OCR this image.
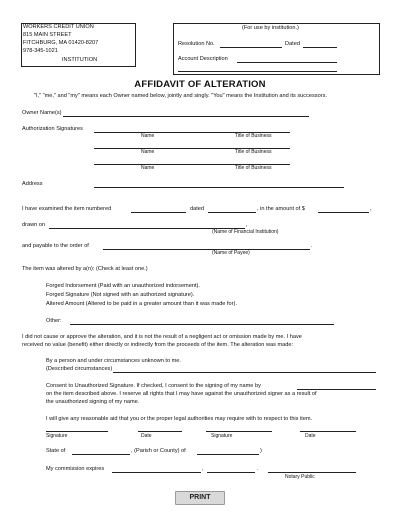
WORKERS CREDIT UNION
815 MAIN STREET
FITCHBURG, MA 01420-8207
978-345-1021
INSTITUTION
(For use by institution.)
Resolution No.	Dated
Account Description
AFFIDAVIT OF ALTERATION
"I," "me," and "my" means each Owner named below, jointly and singly. "You" means the Institution and its successors.
Owner Name(s)
Authorization Signatures
Name	Title of Business
Name	Title of Business
Name	Title of Business
Address
I have examined the item numbered	dated	, in the amount of $	,
drawn on	,
(Name of Financial Institution)
and payable to the order of	.
(Name of Payee)
The item was altered by a(n): (Check at least one.)
Forged Indorsement (Paid with an unauthorized indorsement).
Forged Signature (Not signed with an authorized signature).
Altered Amount (Altered to be paid in a greater amount than it was made for).
Other:
I did not cause or approve the alteration, and it is not the result of a negligent act or omission made by me. I have
received no value (benefit) either directly or indirectly from the proceeds of the item. The alteration was made:
By a person and under circumstances unknown to me.
(Described circumstances)
Consent to Unauthorized Signature. If checked, I consent to the signing of my name by
on the item described above. I reserve all rights that I may have against the unauthorized signer as a result of
the unauthorized signing of my name.
I will give any reasonable aid that you or the proper legal authorities may require with to respect to this item.
Signature	Date	Signature	Date
State of	, (Parish or County) of	)
My commission expires	,	.
Notary Public
PRINT
